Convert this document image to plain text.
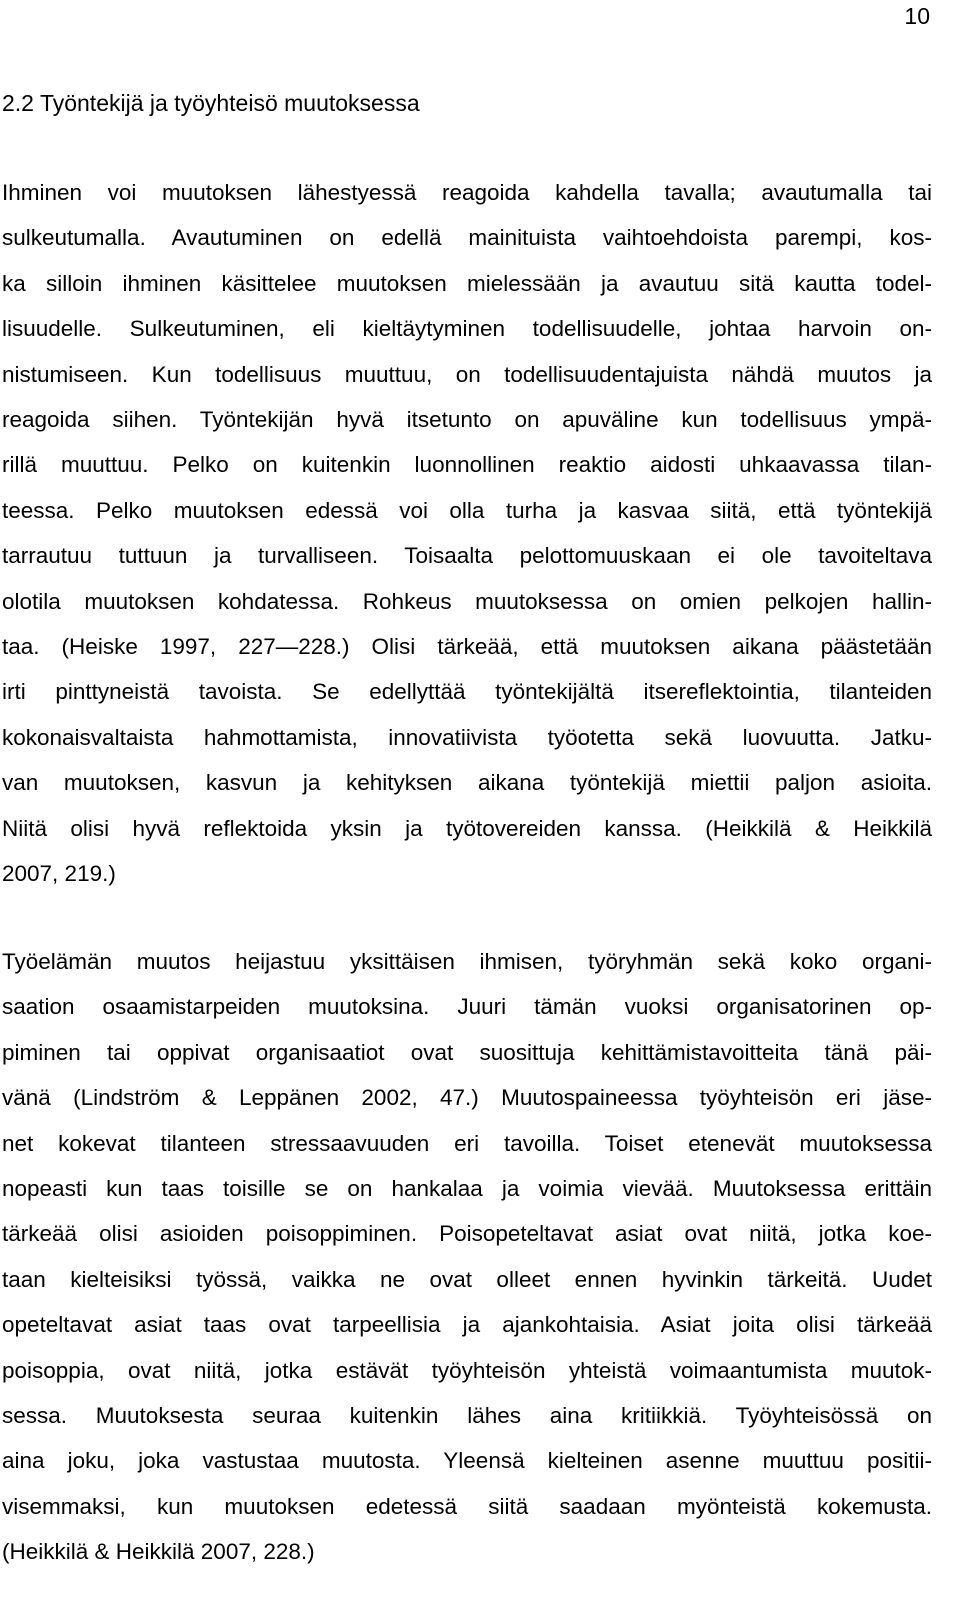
10
2.2 Työntekijä ja työyhteisö muutoksessa
Ihminen voi muutoksen lähestyessä reagoida kahdella tavalla; avautumalla tai
sulkeutumalla. Avautuminen on edellä mainituista vaihtoehdoista parempi, kos-
ka silloin ihminen käsittelee muutoksen mielessään ja avautuu sitä kautta todel-
lisuudelle. Sulkeutuminen, eli kieltäytyminen todellisuudelle, johtaa harvoin on-
nistumiseen. Kun todellisuus muuttuu, on todellisuudentajuista nähdä muutos ja
reagoida siihen. Työntekijän hyvä itsetunto on apuväline kun todellisuus ympä-
rillä muuttuu. Pelko on kuitenkin luonnollinen reaktio aidosti uhkaavassa tilan-
teessa. Pelko muutoksen edessä voi olla turha ja kasvaa siitä, että työntekijä
tarrautuu tuttuun ja turvalliseen. Toisaalta pelottomuuskaan ei ole tavoiteltava
olotila muutoksen kohdatessa. Rohkeus muutoksessa on omien pelkojen hallin-
taa. (Heiske 1997, 227—228.) Olisi tärkeää, että muutoksen aikana päästetään
irti pinttyneistä tavoista. Se edellyttää työntekijältä itsereflektointia, tilanteiden
kokonaisvaltaista hahmottamista, innovatiivista työotetta sekä luovuutta. Jatku-
van muutoksen, kasvun ja kehityksen aikana työntekijä miettii paljon asioita.
Niitä olisi hyvä reflektoida yksin ja työtovereiden kanssa. (Heikkilä & Heikkilä
2007, 219.)
Työelämän muutos heijastuu yksittäisen ihmisen, työryhmän sekä koko organi-
saation osaamistarpeiden muutoksina. Juuri tämän vuoksi organisatorinen op-
piminen tai oppivat organisaatiot ovat suosittuja kehittämistavoitteita tänä päi-
vänä (Lindström & Leppänen 2002, 47.) Muutospaineessa työyhteisön eri jäse-
net kokevat tilanteen stressaavuuden eri tavoilla. Toiset etenevät muutoksessa
nopeasti kun taas toisille se on hankalaa ja voimia vievää. Muutoksessa erittäin
tärkeää olisi asioiden poisoppiminen. Poisopeteltavat asiat ovat niitä, jotka koe-
taan kielteisiksi työssä, vaikka ne ovat olleet ennen hyvinkin tärkeitä. Uudet
opeteltavat asiat taas ovat tarpeellisia ja ajankohtaisia. Asiat joita olisi tärkeää
poisoppia, ovat niitä, jotka estävät työyhteisön yhteistä voimaantumista muutok-
sessa. Muutoksesta seuraa kuitenkin lähes aina kritiikkiä. Työyhteisössä on
aina joku, joka vastustaa muutosta. Yleensä kielteinen asenne muuttuu positii-
visemmaksi, kun muutoksen edetessä siitä saadaan myönteistä kokemusta.
(Heikkilä & Heikkilä 2007, 228.)
